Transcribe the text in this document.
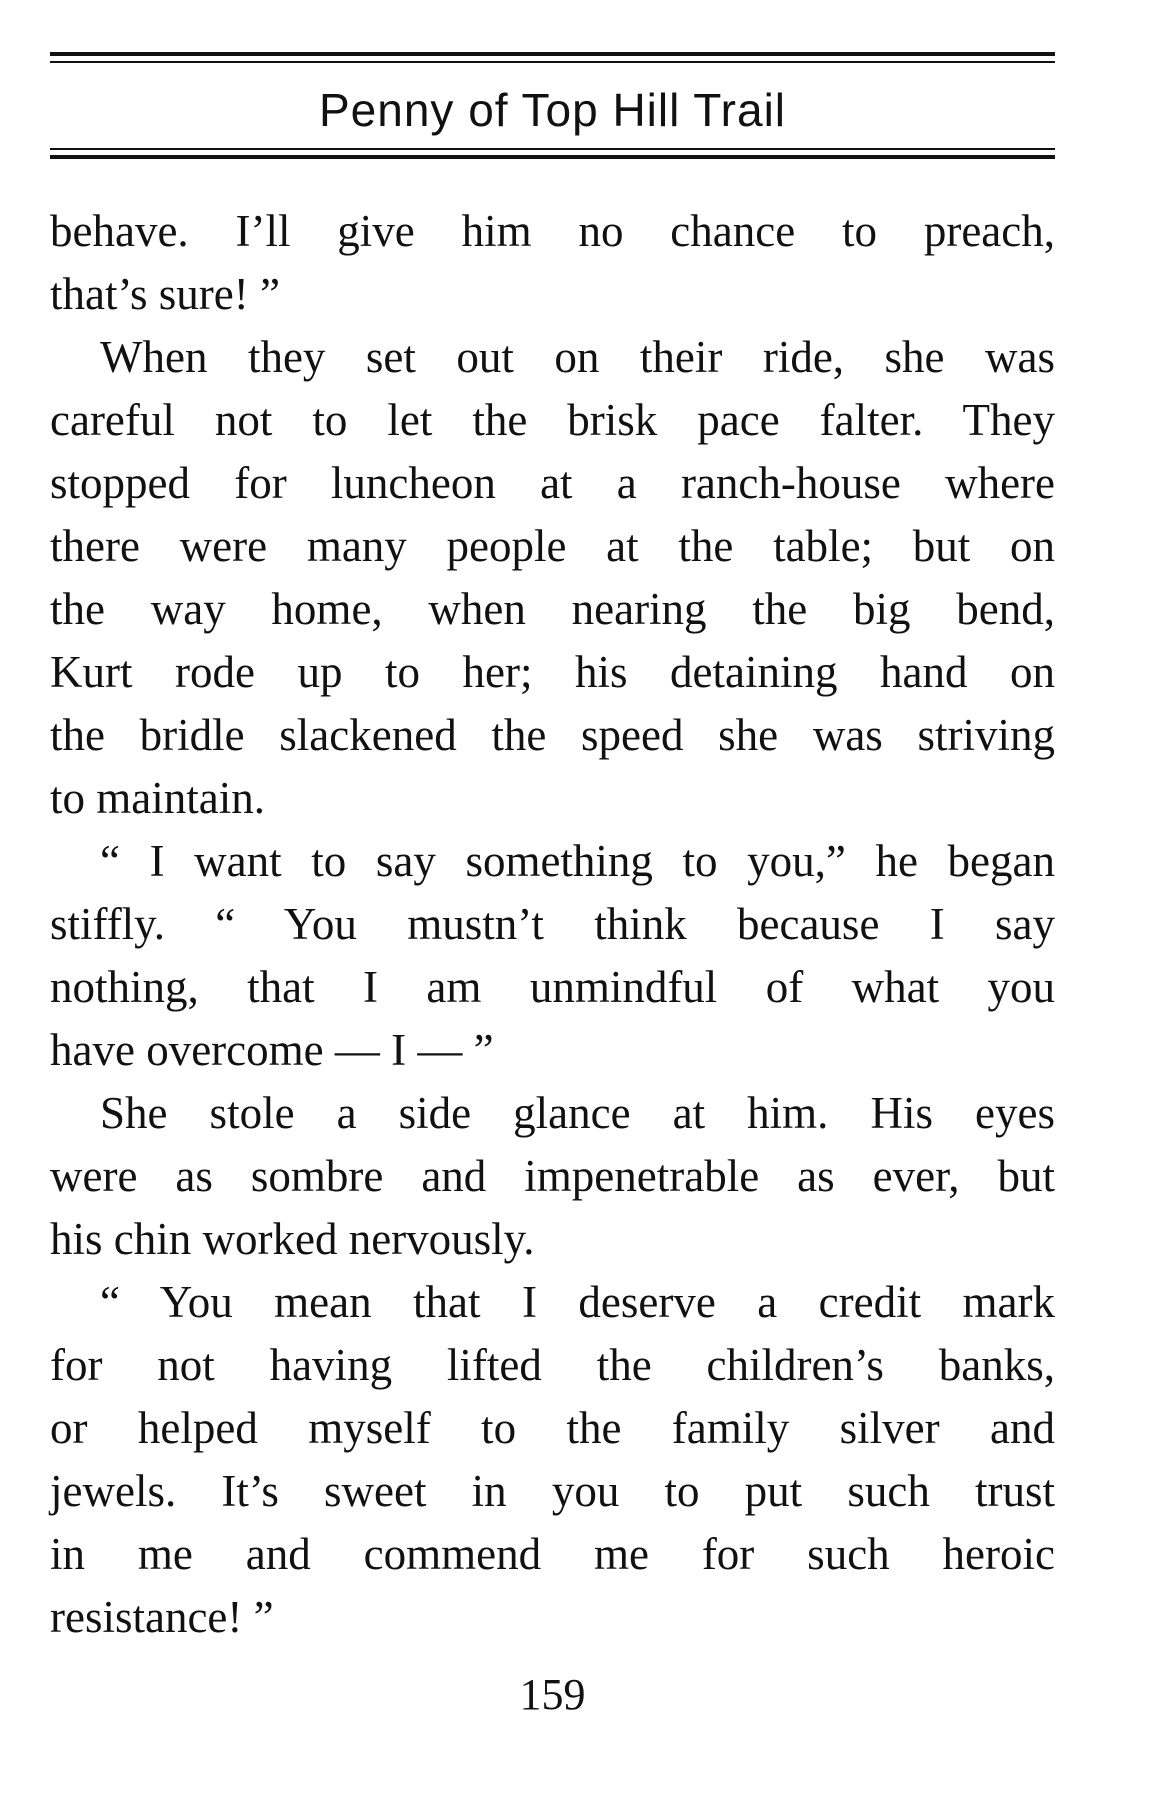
Penny of Top Hill Trail
behave. I’ll give him no chance to preach,
that’s sure! ”
When they set out on their ride, she was
careful not to let the brisk pace falter. They
stopped for luncheon at a ranch-house where
there were many people at the table; but on
the way home, when nearing the big bend,
Kurt rode up to her; his detaining hand on
the bridle slackened the speed she was striving
to maintain.
“ I want to say something to you,” he began
stiffly. “ You mustn’t think because I say
nothing, that I am unmindful of what you
have overcome — I — ”
She stole a side glance at him. His eyes
were as sombre and impenetrable as ever, but
his chin worked nervously.
“ You mean that I deserve a credit mark
for not having lifted the children’s banks,
or helped myself to the family silver and
jewels. It’s sweet in you to put such trust
in me and commend me for such heroic
resistance! ”
159
